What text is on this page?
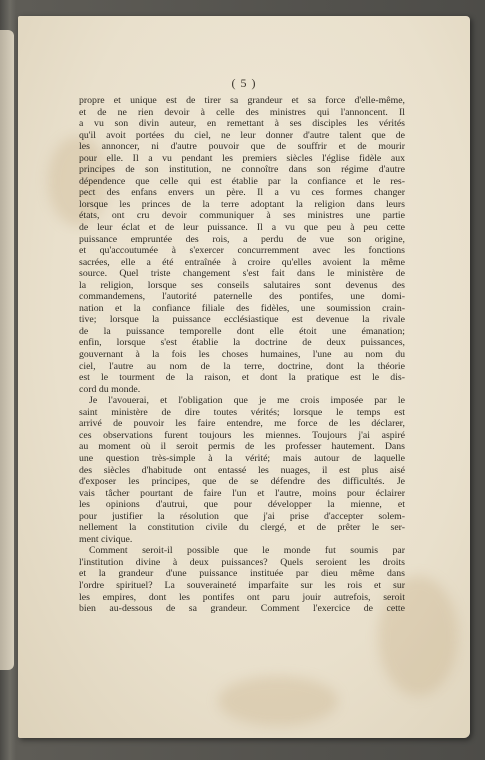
( 5 )
propre et unique est de tirer sa grandeur et sa force d'elle-même,
et de ne rien devoir à celle des ministres qui l'annoncent. Il
a vu son divin auteur, en remettant à ses disciples les vérités
qu'il avoit portées du ciel, ne leur donner d'autre talent que de
les annoncer, ni d'autre pouvoir que de souffrir et de mourir
pour elle. Il a vu pendant les premiers siècles l'église fidèle aux
principes de son institution, ne connoître dans son régime d'autre
dépendence que celle qui est établie par la confiance et le res-
pect des enfans envers un père. Il a vu ces formes changer
lorsque les princes de la terre adoptant la religion dans leurs
états, ont cru devoir communiquer à ses ministres une partie
de leur éclat et de leur puissance. Il a vu que peu à peu cette
puissance empruntée des rois, a perdu de vue son origine,
et qu'accoutumée à s'exercer concurremment avec les fonctions
sacrées, elle a été entraînée à croire qu'elles avoient la même
source. Quel triste changement s'est fait dans le ministère de
la religion, lorsque ses conseils salutaires sont devenus des
commandemens, l'autorité paternelle des pontifes, une domi-
nation et la confiance filiale des fidèles, une soumission crain-
tive; lorsque la puissance ecclésiastique est devenue la rivale
de la puissance temporelle dont elle étoit une émanation;
enfin, lorsque s'est établie la doctrine de deux puissances,
gouvernant à la fois les choses humaines, l'une au nom du
ciel, l'autre au nom de la terre, doctrine, dont la théorie
est le tourment de la raison, et dont la pratique est le dis-
cord du monde.
Je l'avouerai, et l'obligation que je me crois imposée par le
saint ministère de dire toutes vérités; lorsque le temps est
arrivé de pouvoir les faire entendre, me force de les déclarer,
ces observations furent toujours les miennes. Toujours j'ai aspiré
au moment où il seroit permis de les professer hautement. Dans
une question très-simple à la vérité; mais autour de laquelle
des siècles d'habitude ont entassé les nuages, il est plus aisé
d'exposer les principes, que de se défendre des difficultés. Je
vais tâcher pourtant de faire l'un et l'autre, moins pour éclairer
les opinions d'autrui, que pour développer la mienne, et
pour justifier la résolution que j'ai prise d'accepter solem-
nellement la constitution civile du clergé, et de prêter le ser-
ment civique.
Comment seroit-il possible que le monde fut soumis par
l'institution divine à deux puissances? Quels seroient les droits
et la grandeur d'une puissance instituée par dieu même dans
l'ordre spirituel? La souveraineté imparfaite sur les rois et sur
les empires, dont les pontifes ont paru jouir autrefois, seroit
bien au-dessous de sa grandeur. Comment l'exercice de cette
